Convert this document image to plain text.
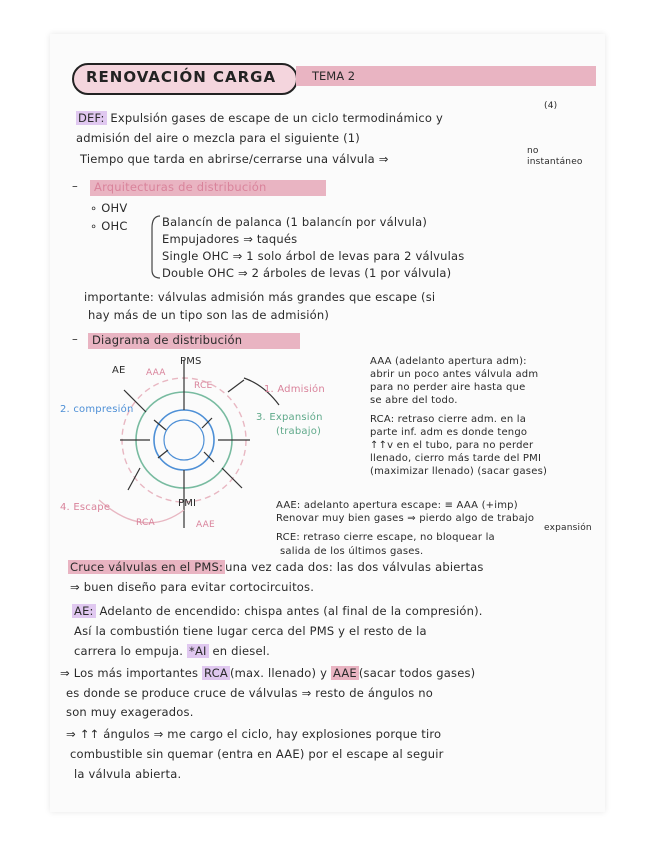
RENOVACIÓN CARGA	TEMA 2
DEF: Expulsión gases de escape de un ciclo termodinámico y
(4)
admisión del aire o mezcla para el siguiente (1)
Tiempo que tarda en abrirse/cerrarse una válvula ⇒
no instantáneo
– Arquitecturas de distribución
∘ OHV
∘ OHC	Balancín de palanca (1 balancín por válvula)
Empujadores ⇒ taqués
Single OHC ⇒ 1 solo árbol de levas para 2 válvulas
Double OHC ⇒ 2 árboles de levas (1 por válvula)
importante: válvulas admisión más grandes que escape (si
hay más de un tipo son las de admisión)
– Diagrama de distribución
PMS
AE AAA
RCE	1. Admisión
2. compresión
3. Expansión
(trabajo)
PMI
4. Escape
RCA	AAE
AAA (adelanto apertura adm):
abrir un poco antes válvula adm
para no perder aire hasta que
se abre del todo.
RCA: retraso cierre adm. en la
parte inf. adm es donde tengo
↑↑v en el tubo, para no perder
llenado, cierro más tarde del PMI
(maximizar llenado) (sacar gases)
AAE: adelanto apertura escape: ≡ AAA (+imp)
Renovar muy bien gases ⇒ pierdo algo de trabajo
expansión
RCE: retraso cierre escape, no bloquear la
salida de los últimos gases.
Cruce válvulas en el PMS: una vez cada dos: las dos válvulas abiertas
⇒ buen diseño para evitar cortocircuitos.
AE: Adelanto de encendido: chispa antes (al final de la compresión).
Así la combustión tiene lugar cerca del PMS y el resto de la
carrera lo empuja. *AI en diesel.
⇒ Los más importantes RCA (max. llenado) y AAE (sacar todos gases)
es donde se produce cruce de válvulas ⇒ resto de ángulos no
son muy exagerados.
⇒ ↑↑ ángulos ⇒ me cargo el ciclo, hay explosiones porque tiro
combustible sin quemar (entra en AAE) por el escape al seguir
la válvula abierta.
